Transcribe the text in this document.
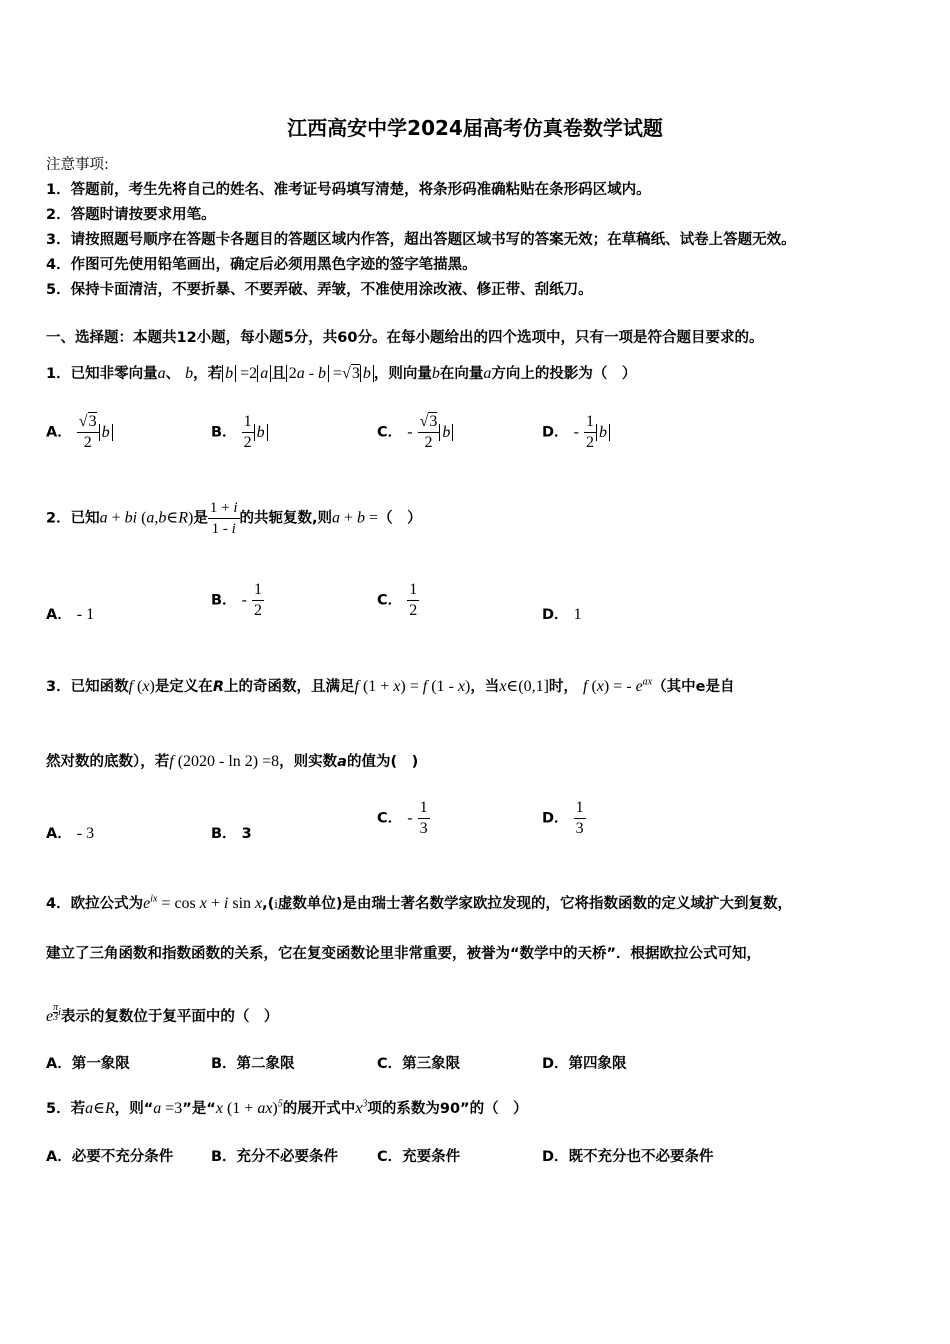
江西高安中学2024届高考仿真卷数学试题
注意事项:
1．答题前，考生先将自己的姓名、准考证号码填写清楚，将条形码准确粘贴在条形码区域内。
2．答题时请按要求用笔。
3．请按照题号顺序在答题卡各题目的答题区域内作答，超出答题区域书写的答案无效；在草稿纸、试卷上答题无效。
4．作图可先使用铅笔画出，确定后必须用黑色字迹的签字笔描黑。
5．保持卡面清洁，不要折暴、不要弄破、弄皱，不准使用涂改液、修正带、刮纸刀。
一、选择题：本题共12小题，每小题5分，共60分。在每小题给出的四个选项中，只有一项是符合题目要求的。
1．已知非零向量a、 b，若 b =2 a 且 2a - b =√3 b ，则向量b在向量a方向上的投影为（　）
A． $\frac{√3}{2}$ b	B． $\frac{1}{2}$ b	C． - $\frac{√3}{2}$ b	D． - $\frac{1}{2}$ b
2．已知a + bi (a,b∈R)是 $\frac{1 + i}{1 - i}$ 的共轭复数,则a + b =（　）
A． - 1
B． - $\frac{1}{2}$	C． $\frac{1}{2}$	D． 1
3．已知函数f (x)是定义在R上的奇函数，且满足f (1 + x) = f (1 - x)，当x∈(0,1]时， f (x) = - $e^{ax}$（其中e是自
然对数的底数），若f (2020 - ln 2) =8，则实数a的值为(　)
A． - 3	B． 3
C． - $\frac{1}{3}$	D． $\frac{1}{3}$
4．欧拉公式为$e^{ix} = \cos x + i$ sin x,(i虚数单位)是由瑞士著名数学家欧拉发现的，它将指数函数的定义域扩大到复数，
建立了三角函数和指数函数的关系，它在复变函数论里非常重要，被誉为“数学中的天桥”．根据欧拉公式可知，
e $^{\frac{\pi}{3} i}$表示的复数位于复平面中的（　）
A．第一象限	B．第二象限	C．第三象限	D．第四象限
5．若a∈R，则“a =3”是“x (1 + ax)$^5$的展开式中$x^3$项的系数为90”的（　）
A．必要不充分条件	B．充分不必要条件	C．充要条件	D．既不充分也不必要条件
